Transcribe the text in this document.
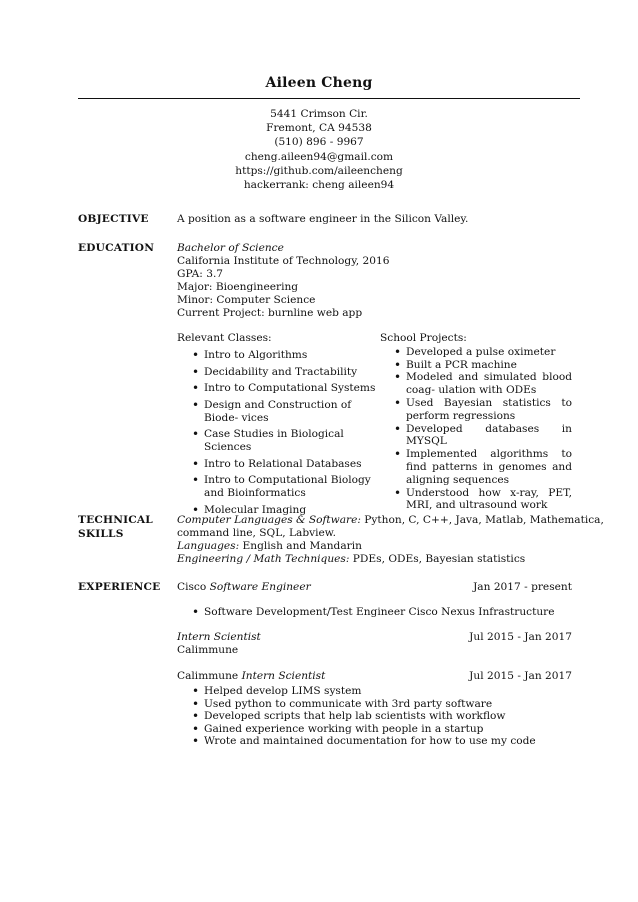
Aileen Cheng
5441 Crimson Cir.
Fremont, CA 94538
(510) 896 - 9967
cheng.aileen94@gmail.com
https://github.com/aileencheng
hackerrank: cheng aileen94
OBJECTIVE	A position as a software engineer in the Silicon Valley.
EDUCATION Bachelor of Science
California Institute of Technology, 2016
GPA: 3.7
Major: Bioengineering
Minor: Computer Science
Current Project: burnline web app
Relevant Classes:
• Intro to Algorithms
• Decidability and Tractability
• Intro to Computational Systems
• Design and Construction of Biode- vices
• Case Studies in Biological Sciences
• Intro to Relational Databases
• Intro to Computational Biology and Bioinformatics
• Molecular Imaging
School Projects:
• Developed a pulse oximeter
• Built a PCR machine
• Modeled and simulated blood coag- ulation with ODEs
• Used Bayesian statistics to perform regressions
• Developed databases in MYSQL
• Implemented algorithms to find patterns in genomes and aligning sequences
• Understood how x-ray, PET, MRI, and ultrasound work
TECHNICAL
SKILLS
Computer Languages & Software: Python, C, C++, Java, Matlab, Mathematica,
command line, SQL, Labview.
Languages: English and Mandarin
Engineering / Math Techniques: PDEs, ODEs, Bayesian statistics
EXPERIENCE Cisco Software Engineer	Jan 2017 - present
• Software Development/Test Engineer Cisco Nexus Infrastructure
Intern Scientist	Jul 2015 - Jan 2017
Calimmune
Calimmune Intern Scientist	Jul 2015 - Jan 2017
• Helped develop LIMS system
• Used python to communicate with 3rd party software
• Developed scripts that help lab scientists with workflow
• Gained experience working with people in a startup
• Wrote and maintained documentation for how to use my code
